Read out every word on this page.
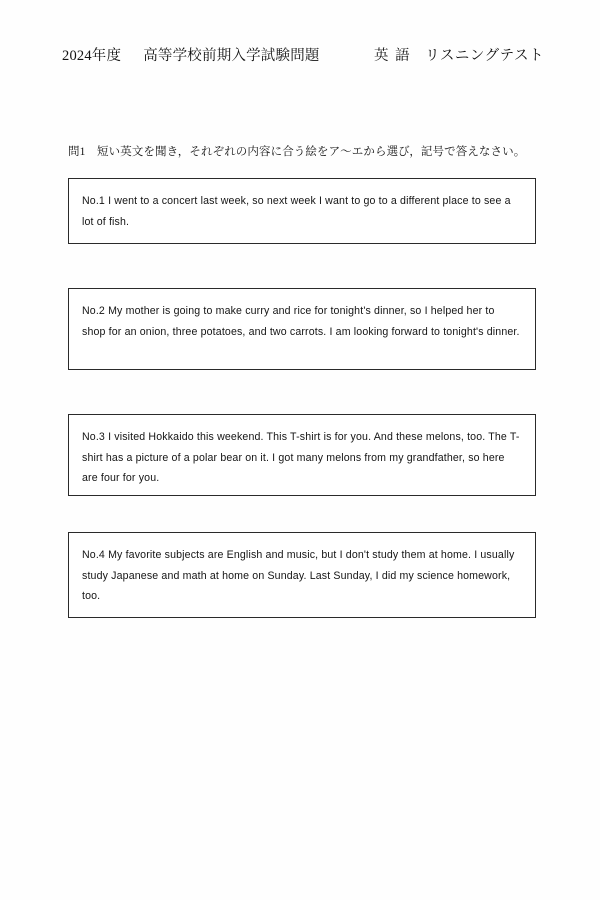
2024年度 高等学校前期入学試験問題	英 語 リスニングテスト
問1　短い英文を聞き，それぞれの内容に合う絵をア～エから選び，記号で答えなさい。
No.1 I went to a concert last week, so next week I want to go to a different place to see a lot of fish.
No.2 My mother is going to make curry and rice for tonight's dinner, so I helped her to shop for an onion, three potatoes, and two carrots. I am looking forward to tonight's dinner.
No.3 I visited Hokkaido this weekend. This T-shirt is for you. And these melons, too. The T-shirt has a picture of a polar bear on it. I got many melons from my grandfather, so here are four for you.
No.4 My favorite subjects are English and music, but I don't study them at home. I usually study Japanese and math at home on Sunday. Last Sunday, I did my science homework, too.
